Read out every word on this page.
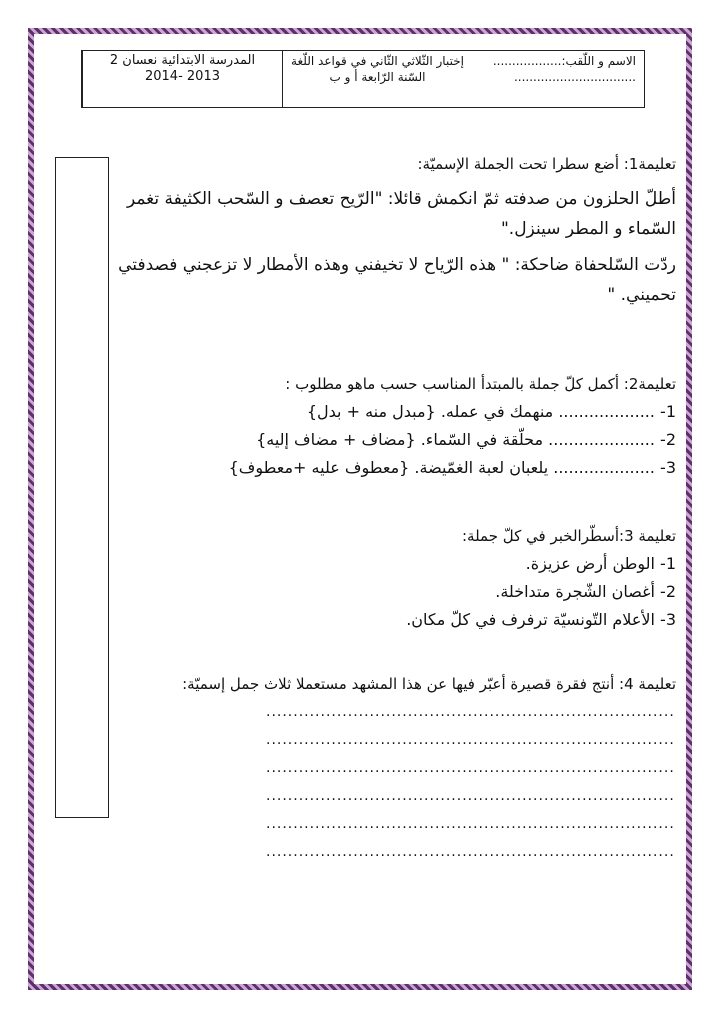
المدرسة الابتدائية نعسان 2
2013 -2014
إختبار الثّلاثي الثّاني في قواعد اللّغة
السّنة الرّابعة أ و ب
الاسم و اللّقب:..................
................................

تعليمة1: أضع سطرا تحت الجملة الإسميّة:

أطلّ الحلزون من صدفته ثمّ انكمش قائلا: "الرّيح تعصف و السّحب الكثيفة تغمر السّماء و المطر سينزل."

ردّت السّلحفاة ضاحكة: " هذه الرّياح لا تخيفني وهذه الأمطار لا تزعجني فصدفتي تحميني. "

تعليمة2: أكمل كلّ جملة بالمبتدأ المناسب حسب ماهو مطلوب :

1- ................... منهمك في عمله. {مبدل منه + بدل}

2- ..................... محلّقة في السّماء. {مضاف + مضاف إليه}

3- .................... يلعبان لعبة الغمّيضة. {معطوف عليه +معطوف}

تعليمة 3:أسطّرالخبر في كلّ جملة:

1- الوطن أرض عزيزة.

2- أغصان الشّجرة متداخلة.

3- الأعلام التّونسيّة ترفرف في كلّ مكان.

تعليمة 4: أنتج فقرة قصيرة أعبّر فيها عن هذا المشهد مستعملا ثلاث جمل إسميّة:

...........................................................................

...........................................................................

...........................................................................

...........................................................................

...........................................................................

...........................................................................
